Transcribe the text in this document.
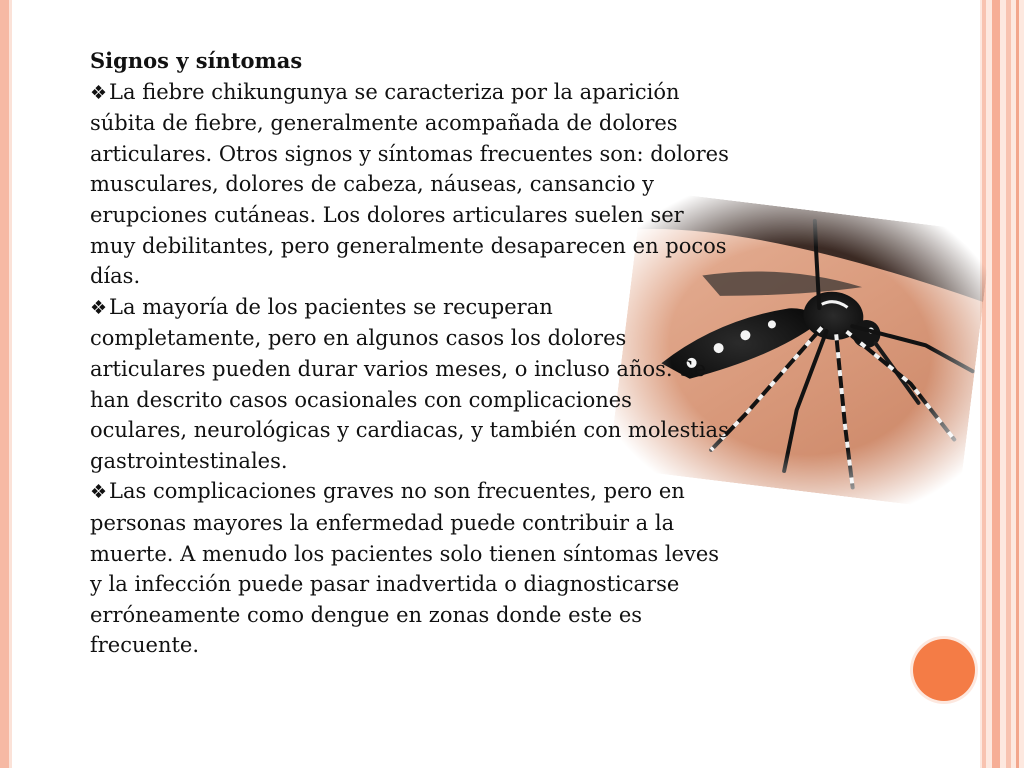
Signos y síntomas

❖La fiebre chikungunya se caracteriza por la aparición súbita de fiebre, generalmente acompañada de dolores articulares. Otros signos y síntomas frecuentes son: dolores musculares, dolores de cabeza, náuseas, cansancio y erupciones cutáneas. Los dolores articulares suelen ser muy debilitantes, pero generalmente desaparecen en pocos días.

❖La mayoría de los pacientes se recuperan completamente, pero en algunos casos los dolores articulares pueden durar varios meses, o incluso años. Se han descrito casos ocasionales con complicaciones oculares, neurológicas y cardiacas, y también con molestias gastrointestinales.

❖Las complicaciones graves no son frecuentes, pero en personas mayores la enfermedad puede contribuir a la muerte. A menudo los pacientes solo tienen síntomas leves y la infección puede pasar inadvertida o diagnosticarse erróneamente como dengue en zonas donde este es frecuente.
